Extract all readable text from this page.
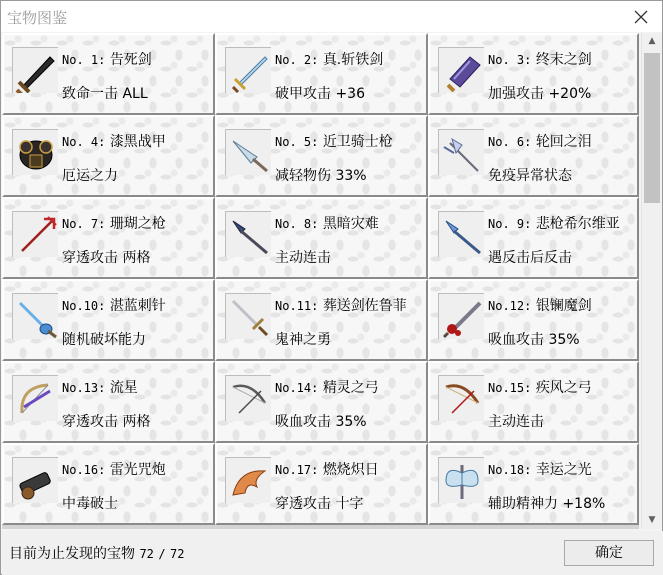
宝物图鉴
No. 1: 告死剑
致命一击 ALL
No. 2: 真.斩铁剑
破甲攻击 +36
No. 3: 终末之剑
加强攻击 +20%
No. 4: 漆黑战甲
厄运之力
No. 5: 近卫骑士枪
减轻物伤 33%
No. 6: 轮回之泪
免疫异常状态
No. 7: 珊瑚之枪
穿透攻击 两格
No. 8: 黑暗灾难
主动连击
No. 9: 悲枪希尔维亚
遇反击后反击
No.10: 湛蓝刺针
随机破坏能力
No.11: 葬送剑佐鲁菲
鬼神之勇
No.12: 银镧魔剑
吸血攻击 35%
No.13: 流星
穿透攻击 两格
No.14: 精灵之弓
吸血攻击 35%
No.15: 疾风之弓
主动连击
No.16: 雷光咒炮
中毒破士
No.17: 燃烧炽日
穿透攻击 十字
No.18: 幸运之光
辅助精神力 +18%
▲
▼
目前为止发现的宝物 72 / 72	确定
